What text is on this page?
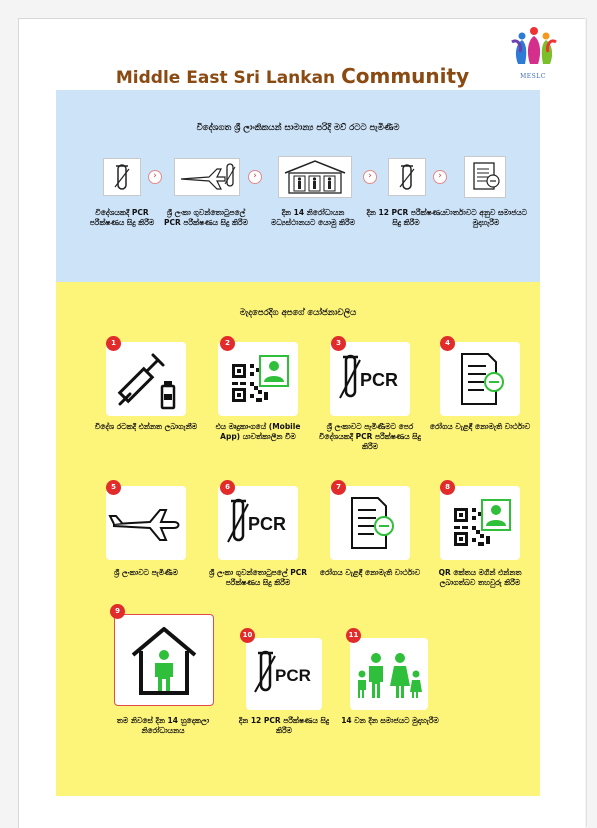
MESLC
Middle East Sri Lankan Community
විදේශගත ශ්‍රී ලාංකිකයන් සාමාන්‍ය පරිදි මව් රටට පැමිණීම
විදේශයකදී PCR පරීක්ෂණය සිදු කිරීම
›
ශ්‍රී ලංකා ගුවන්තොටුපලේ PCR පරීක්ෂණය සිදු කිරීම
›
දින 14 නිරෝධායන මධ්‍යස්ථානයට යොමු කිරීම
›
දින 12 PCR පරීක්ෂණය සිදු කිරීම
›
වාර්තාවට අනුව සමාජයට මුදාහැරීම
මැදපෙරදිග අපගේ යෝජනාවලිය
1
විදේශ රටකදී එන්නත ලබාගැනීම
2
එය මෘදුකාංගයේ (Mobile App) යාවත්කාලීන වීම
PCR
3
ශ්‍රී ලංකාවට පැමිණීමට පෙර විදේශයකදී PCR පරීක්ෂණය සිදු කිරීම
4
රෝගය වැළඳී නොමැති වාර්ථාව
5
ශ්‍රී ලංකාවට පැමිණීම
PCR
6
ශ්‍රී ලංකා ගුවන්තොටුපලේ PCR පරීක්ෂණය සිදු කිරීම
7
රෝගය වැළඳී නොමැති වාර්ථාව
8
QR කේතය මගින් එන්නත ලබාගත්බව තහවුරු කිරීම
9
තම නිවසේ දින 14 හුදෙකලා නිරෝධායනය
PCR
10
දින 12 PCR පරීක්ෂණය සිදු කිරීම
11
14 වන දින සමාජයට මුදාහැරීම
